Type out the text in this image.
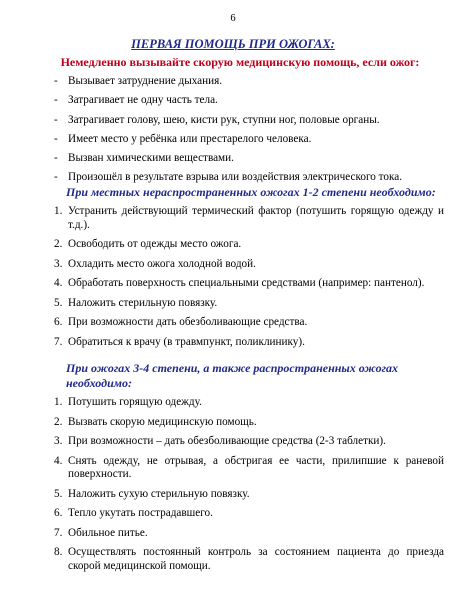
6
ПЕРВАЯ ПОМОЩЬ ПРИ ОЖОГАХ:
Немедленно вызывайте скорую медицинскую помощь, если ожог:
- Вызывает затруднение дыхания.
- Затрагивает не одну часть тела.
- Затрагивает голову, шею, кисти рук, ступни ног, половые органы.
- Имеет место у ребёнка или престарелого человека.
- Вызван химическими веществами.
- Произошёл в результате взрыва или воздействия электрического тока.
При местных нераспространенных ожогах 1-2 степени необходимо:
1. Устранить действующий термический фактор (потушить горящую одежду и т.д.).
2. Освободить от одежды место ожога.
3. Охладить место ожога холодной водой.
4. Обработать поверхность специальными средствами (например: пантенол).
5. Наложить стерильную повязку.
6. При возможности дать обезболивающие средства.
7. Обратиться к врачу (в травмпункт, поликлинику).
При ожогах 3-4 степени, а также распространенных ожогах необходимо:
1. Потушить горящую одежду.
2. Вызвать скорую медицинскую помощь.
3. При возможности – дать обезболивающие средства (2-3 таблетки).
4. Снять одежду, не отрывая, а обстригая ее части, прилипшие к раневой поверхности.
5. Наложить сухую стерильную повязку.
6. Тепло укутать пострадавшего.
7. Обильное питье.
8. Осуществлять постоянный контроль за состоянием пациента до приезда скорой медицинской помощи.
